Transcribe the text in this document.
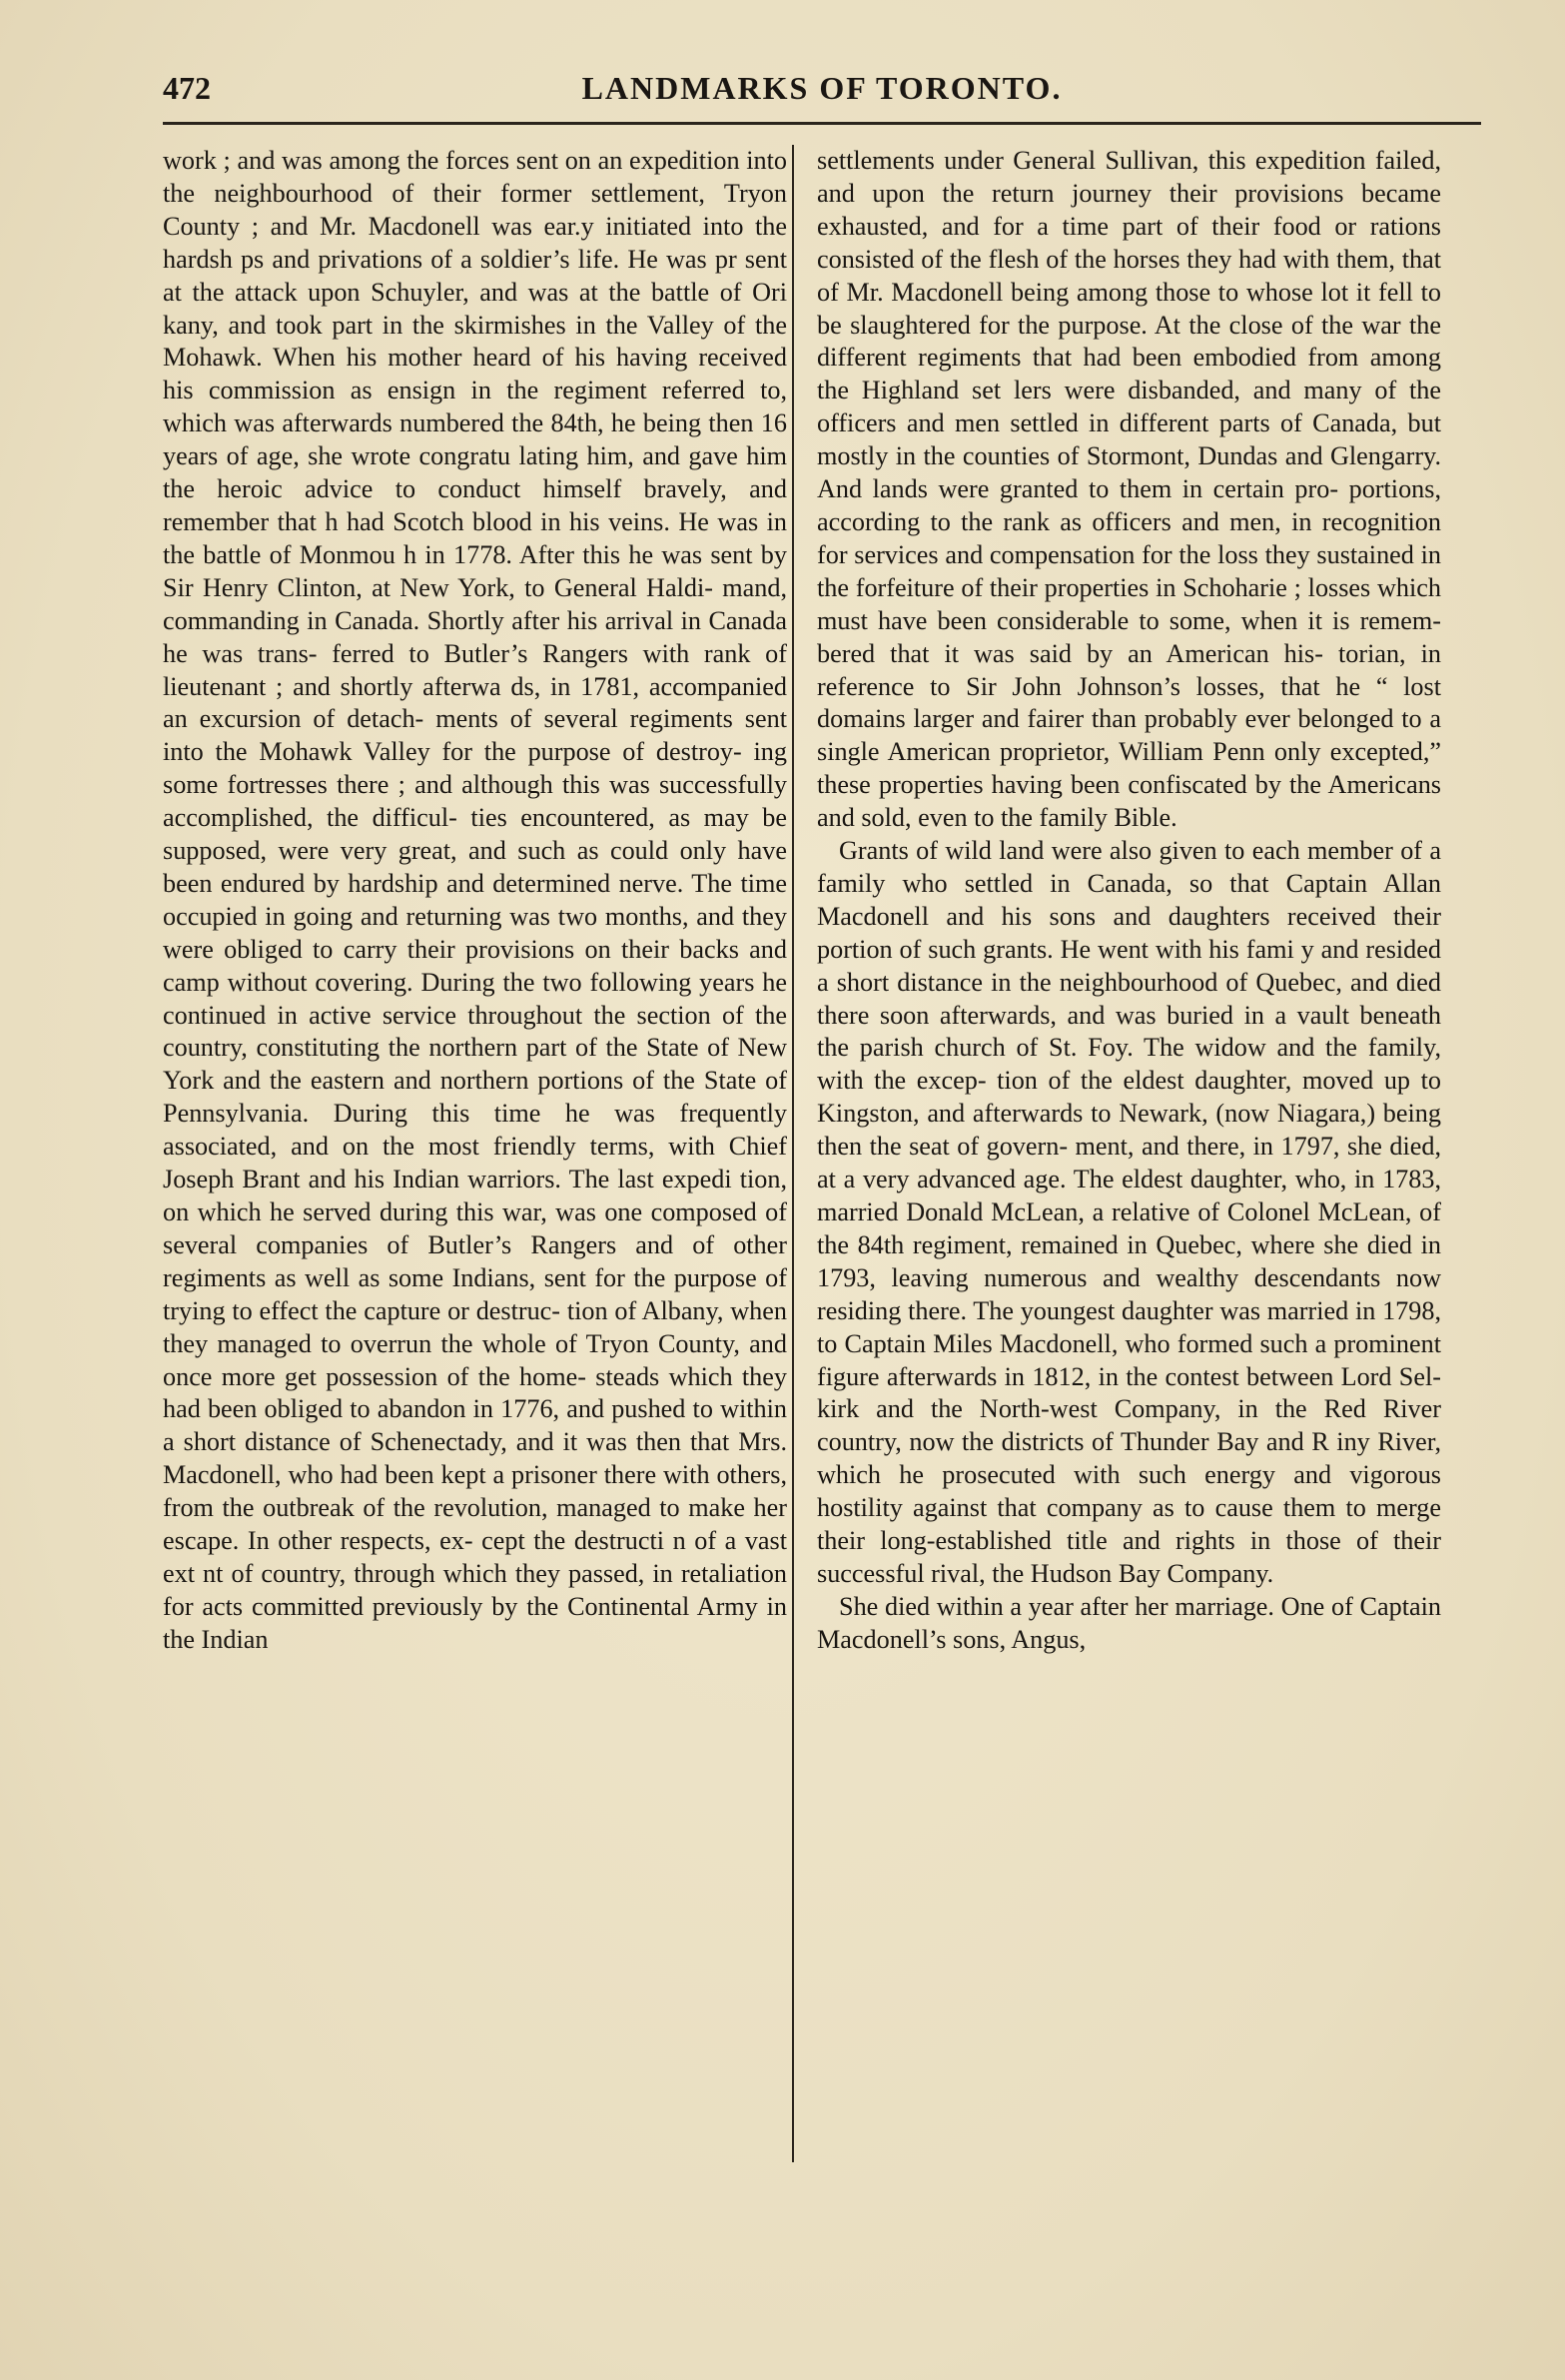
472	LANDMARKS OF TORONTO.

work ; and was among the forces sent on an expedition into the neighbourhood of their former settlement, Tryon County ; and Mr. Macdonell was ear.y initiated into the hardsh ps and privations of a soldier’s life. He was pr sent at the attack upon Schuyler, and was at the battle of Ori kany, and took part in the skirmishes in the Valley of the Mohawk. When his mother heard of his having received his commission as ensign in the regiment referred to, which was afterwards numbered the 84th, he being then 16 years of age, she wrote congratu lating him, and gave him the heroic advice to conduct himself bravely, and remember that h had Scotch blood in his veins. He was in the battle of Monmou h in 1778. After this he was sent by Sir Henry Clinton, at New York, to General Haldi- mand, commanding in Canada. Shortly after his arrival in Canada he was trans- ferred to Butler’s Rangers with rank of lieutenant ; and shortly afterwa ds, in 1781, accompanied an excursion of detach- ments of several regiments sent into the Mohawk Valley for the purpose of destroy- ing some fortresses there ; and although this was successfully accomplished, the difficul- ties encountered, as may be supposed, were very great, and such as could only have been endured by hardship and determined nerve. The time occupied in going and returning was two months, and they were obliged to carry their provisions on their backs and camp without covering. During the two following years he continued in active service throughout the section of the country, constituting the northern part of the State of New York and the eastern and northern portions of the State of Pennsylvania. During this time he was frequently associated, and on the most friendly terms, with Chief Joseph Brant and his Indian warriors. The last expedi tion, on which he served during this war, was one composed of several companies of Butler’s Rangers and of other regiments as well as some Indians, sent for the purpose of trying to effect the capture or destruc- tion of Albany, when they managed to overrun the whole of Tryon County, and once more get possession of the home- steads which they had been obliged to abandon in 1776, and pushed to within a short distance of Schenectady, and it was then that Mrs. Macdonell, who had been kept a prisoner there with others, from the outbreak of the revolution, managed to make her escape. In other respects, ex- cept the destructi n of a vast ext nt of country, through which they passed, in retaliation for acts committed previously by the Continental Army in the Indian

settlements under General Sullivan, this expedition failed, and upon the return journey their provisions became exhausted, and for a time part of their food or rations consisted of the flesh of the horses they had with them, that of Mr. Macdonell being among those to whose lot it fell to be slaughtered for the purpose. At the close of the war the different regiments that had been embodied from among the Highland set lers were disbanded, and many of the officers and men settled in different parts of Canada, but mostly in the counties of Stormont, Dundas and Glengarry. And lands were granted to them in certain pro- portions, according to the rank as officers and men, in recognition for services and compensation for the loss they sustained in the forfeiture of their properties in Schoharie ; losses which must have been considerable to some, when it is remem- bered that it was said by an American his- torian, in reference to Sir John Johnson’s losses, that he “ lost domains larger and fairer than probably ever belonged to a single American proprietor, William Penn only excepted,” these properties having been confiscated by the Americans and sold, even to the family Bible.

Grants of wild land were also given to each member of a family who settled in Canada, so that Captain Allan Macdonell and his sons and daughters received their portion of such grants. He went with his fami y and resided a short distance in the neighbourhood of Quebec, and died there soon afterwards, and was buried in a vault beneath the parish church of St. Foy. The widow and the family, with the excep- tion of the eldest daughter, moved up to Kingston, and afterwards to Newark, (now Niagara,) being then the seat of govern- ment, and there, in 1797, she died, at a very advanced age. The eldest daughter, who, in 1783, married Donald McLean, a relative of Colonel McLean, of the 84th regiment, remained in Quebec, where she died in 1793, leaving numerous and wealthy descendants now residing there. The youngest daughter was married in 1798, to Captain Miles Macdonell, who formed such a prominent figure afterwards in 1812, in the contest between Lord Sel- kirk and the North-west Company, in the Red River country, now the districts of Thunder Bay and R iny River, which he prosecuted with such energy and vigorous hostility against that company as to cause them to merge their long-established title and rights in those of their successful rival, the Hudson Bay Company.

She died within a year after her marriage. One of Captain Macdonell’s sons, Angus,
